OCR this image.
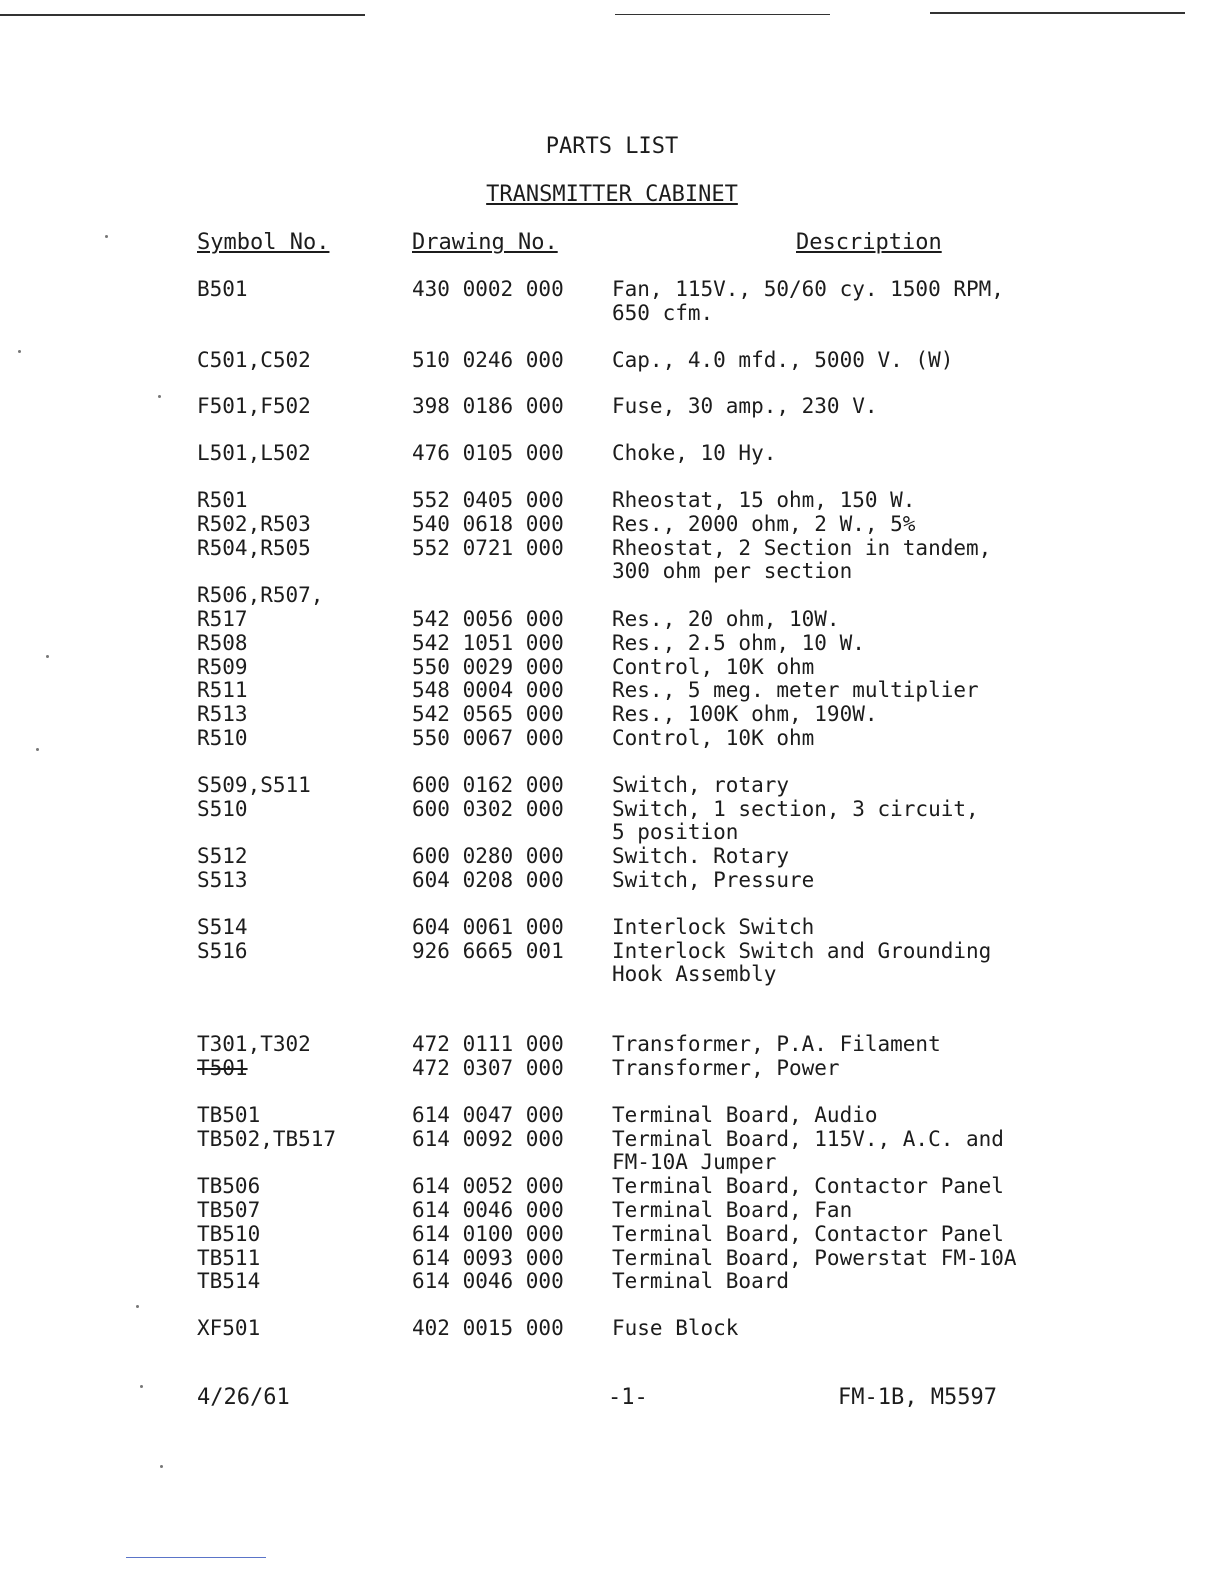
PARTS LIST
TRANSMITTER CABINET
Symbol No.	Drawing No.	Description
B501	430 0002 000 Fan, 115V., 50/60 cy. 1500 RPM,
650 cfm.
C501,C502	510 0246 000 Cap., 4.0 mfd., 5000 V. (W)
F501,F502	398 0186 000 Fuse, 30 amp., 230 V.
L501,L502	476 0105 000 Choke, 10 Hy.
R501	552 0405 000 Rheostat, 15 ohm, 150 W.
R502,R503	540 0618 000 Res., 2000 ohm, 2 W., 5%
R504,R505	552 0721 000 Rheostat, 2 Section in tandem,
300 ohm per section
R506,R507,
R517	542 0056 000 Res., 20 ohm, 10W.
R508	542 1051 000 Res., 2.5 ohm, 10 W.
R509	550 0029 000 Control, 10K ohm
R511	548 0004 000 Res., 5 meg. meter multiplier
R513	542 0565 000 Res., 100K ohm, 190W.
R510	550 0067 000 Control, 10K ohm
S509,S511	600 0162 000 Switch, rotary
S510	600 0302 000 Switch, 1 section, 3 circuit,
5 position
S512	600 0280 000 Switch. Rotary
S513	604 0208 000 Switch, Pressure
S514	604 0061 000 Interlock Switch
S516	926 6665 001 Interlock Switch and Grounding
Hook Assembly
T301,T302	472 0111 000 Transformer, P.A. Filament
T501	472 0307 000 Transformer, Power
TB501	614 0047 000 Terminal Board, Audio
TB502,TB517	614 0092 000 Terminal Board, 115V., A.C. and
FM-10A Jumper
TB506	614 0052 000 Terminal Board, Contactor Panel
TB507	614 0046 000 Terminal Board, Fan
TB510	614 0100 000 Terminal Board, Contactor Panel
TB511	614 0093 000 Terminal Board, Powerstat FM-10A
TB514	614 0046 000 Terminal Board
XF501	402 0015 000 Fuse Block
4/26/61	-1-	FM-1B, M5597
